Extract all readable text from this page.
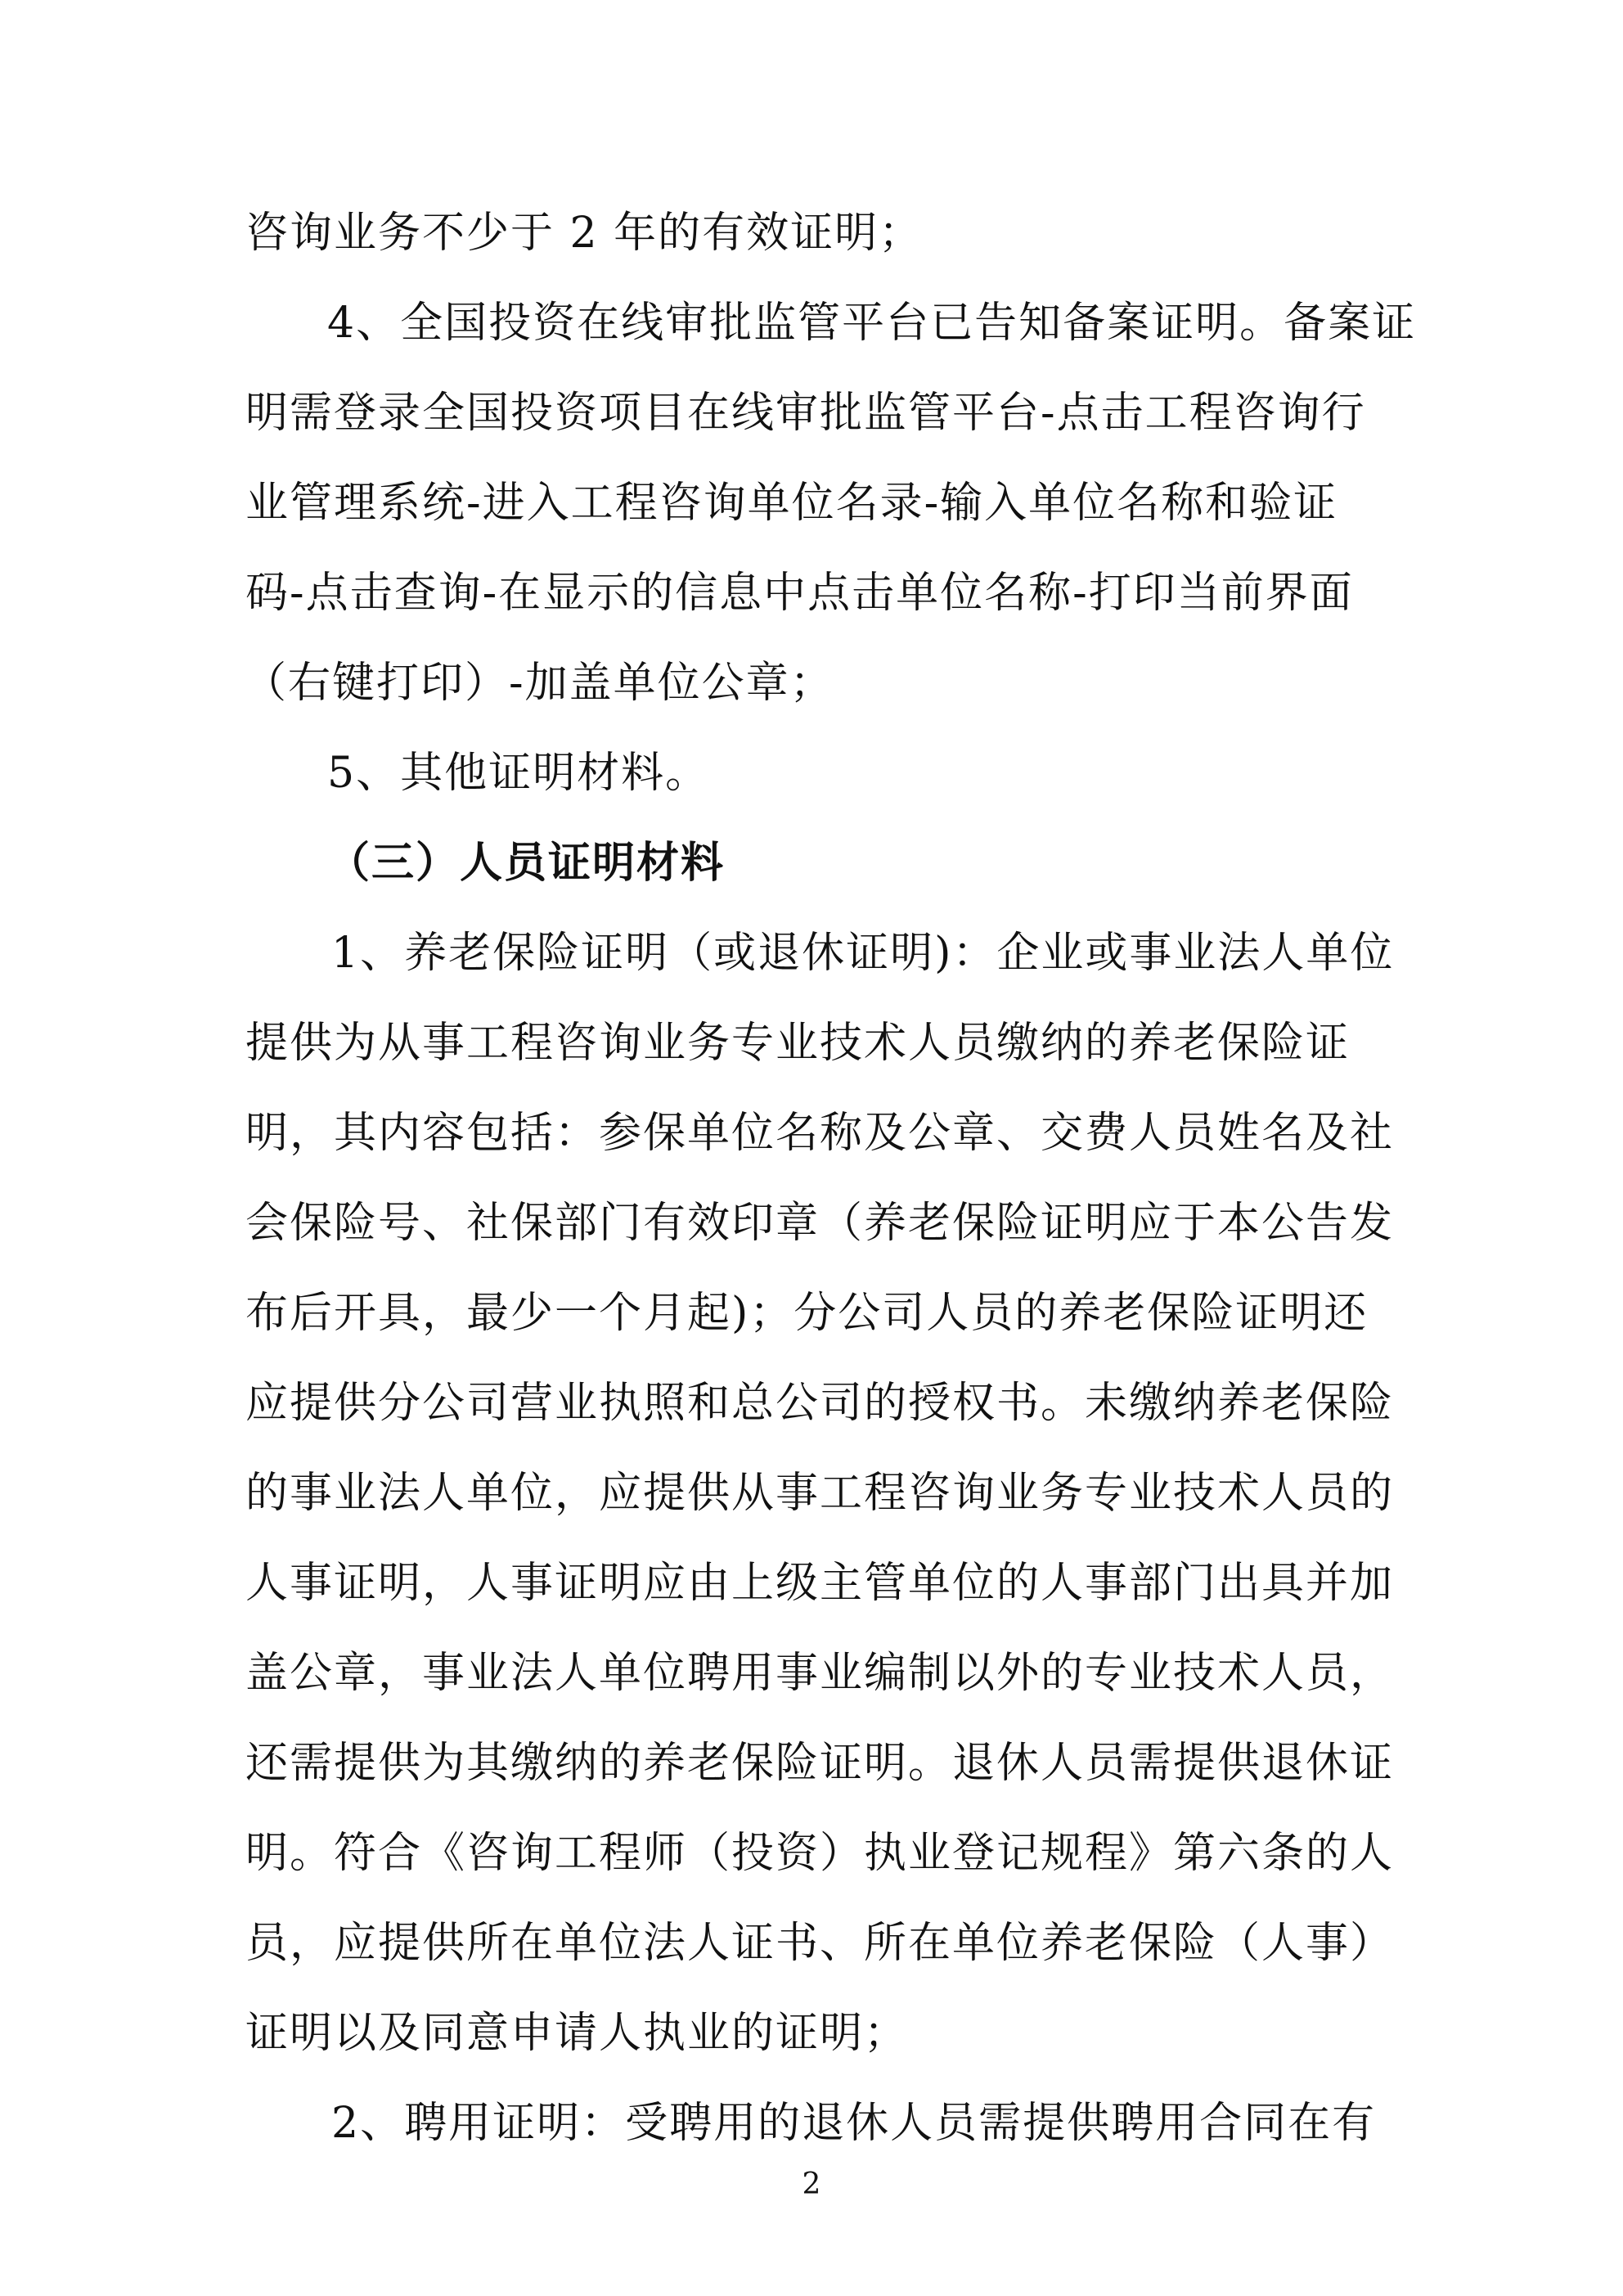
咨询业务不少于 2 年的有效证明；
4、全国投资在线审批监管平台已告知备案证明。备案证
明需登录全国投资项目在线审批监管平台-点击工程咨询行
业管理系统-进入工程咨询单位名录-输入单位名称和验证
码-点击查询-在显示的信息中点击单位名称-打印当前界面
（右键打印）-加盖单位公章；
5、其他证明材料。
（三）人员证明材料
1、养老保险证明（或退休证明)：企业或事业法人单位
提供为从事工程咨询业务专业技术人员缴纳的养老保险证
明，其内容包括：参保单位名称及公章、交费人员姓名及社
会保险号、社保部门有效印章（养老保险证明应于本公告发
布后开具，最少一个月起)；分公司人员的养老保险证明还
应提供分公司营业执照和总公司的授权书。未缴纳养老保险
的事业法人单位，应提供从事工程咨询业务专业技术人员的
人事证明，人事证明应由上级主管单位的人事部门出具并加
盖公章，事业法人单位聘用事业编制以外的专业技术人员，
还需提供为其缴纳的养老保险证明。退休人员需提供退休证
明。符合《咨询工程师（投资）执业登记规程》第六条的人
员，应提供所在单位法人证书、所在单位养老保险（人事）
证明以及同意申请人执业的证明；
2、聘用证明：受聘用的退休人员需提供聘用合同在有
2
